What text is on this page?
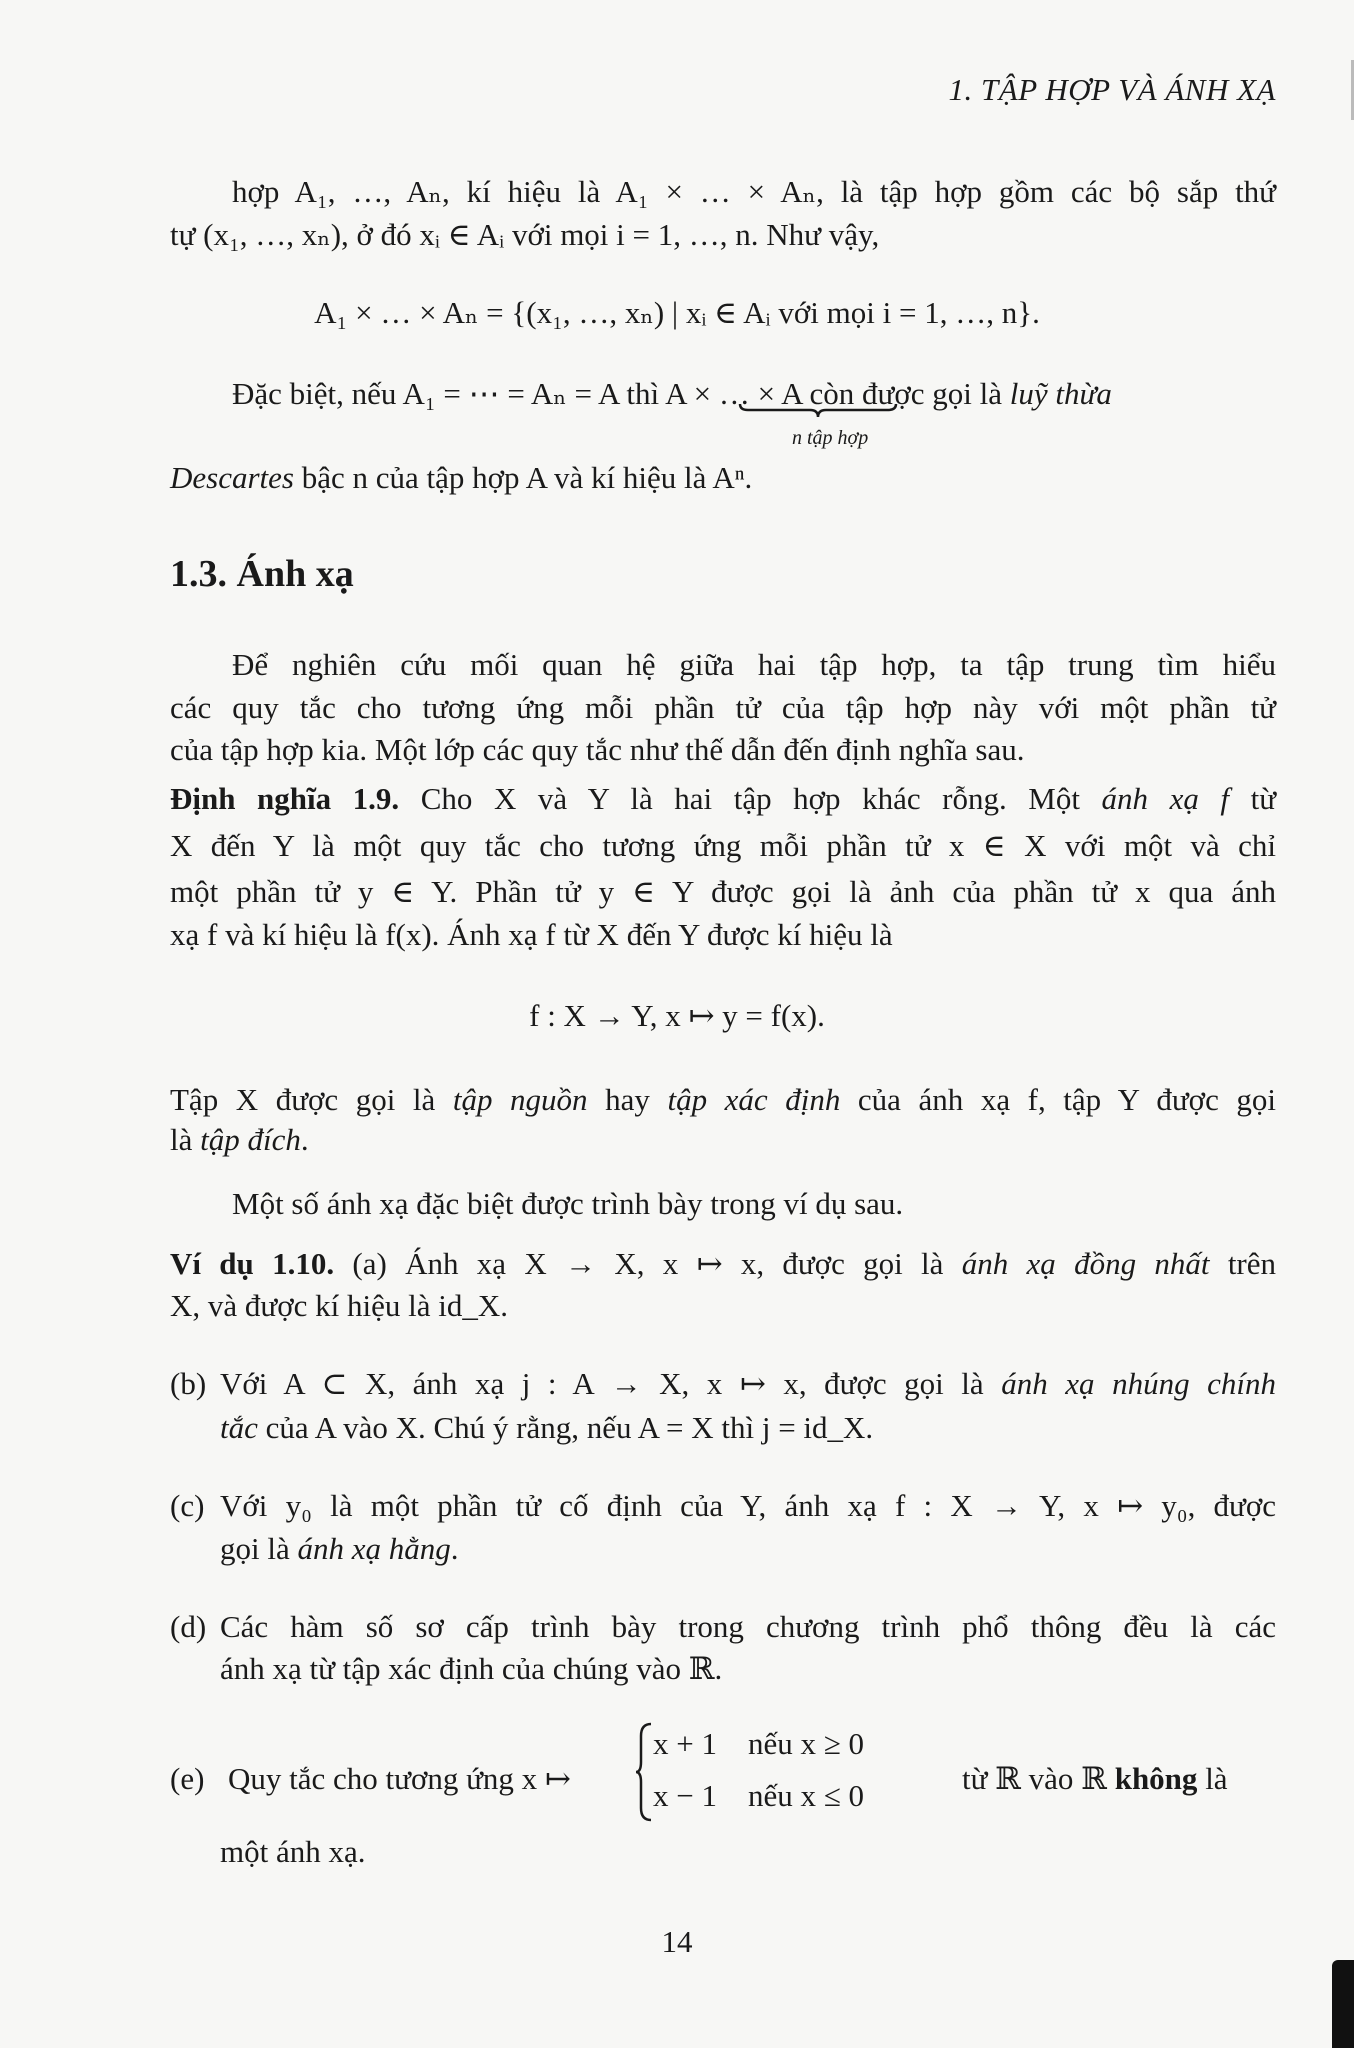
1. TẬP HỢP VÀ ÁNH XẠ
hợp A₁, …, Aₙ, kí hiệu là A₁ × … × Aₙ, là tập hợp gồm các bộ sắp thứ
tự (x₁, …, xₙ), ở đó xᵢ ∈ Aᵢ với mọi i = 1, …, n. Như vậy,
A₁ × … × Aₙ = {(x₁, …, xₙ) | xᵢ ∈ Aᵢ với mọi i = 1, …, n}.
Đặc biệt, nếu A₁ = ⋯ = Aₙ = A thì A × … × A còn được gọi là luỹ thừa
n tập hợp
Descartes bậc n của tập hợp A và kí hiệu là Aⁿ.
1.3. Ánh xạ
Để nghiên cứu mối quan hệ giữa hai tập hợp, ta tập trung tìm hiểu
các quy tắc cho tương ứng mỗi phần tử của tập hợp này với một phần tử
của tập hợp kia. Một lớp các quy tắc như thế dẫn đến định nghĩa sau.
Định nghĩa 1.9. Cho X và Y là hai tập hợp khác rỗng. Một ánh xạ f từ
X đến Y là một quy tắc cho tương ứng mỗi phần tử x ∈ X với một và chỉ
một phần tử y ∈ Y. Phần tử y ∈ Y được gọi là ảnh của phần tử x qua ánh
xạ f và kí hiệu là f(x). Ánh xạ f từ X đến Y được kí hiệu là
f : X → Y, x ↦ y = f(x).
Tập X được gọi là tập nguồn hay tập xác định của ánh xạ f, tập Y được gọi
là tập đích.
Một số ánh xạ đặc biệt được trình bày trong ví dụ sau.
Ví dụ 1.10. (a) Ánh xạ X → X, x ↦ x, được gọi là ánh xạ đồng nhất trên
X, và được kí hiệu là id_X.
(b) Với A ⊂ X, ánh xạ j : A → X, x ↦ x, được gọi là ánh xạ nhúng chính
tắc của A vào X. Chú ý rằng, nếu A = X thì j = id_X.
(c) Với y₀ là một phần tử cố định của Y, ánh xạ f : X → Y, x ↦ y₀, được
gọi là ánh xạ hằng.
(d) Các hàm số sơ cấp trình bày trong chương trình phổ thông đều là các
ánh xạ từ tập xác định của chúng vào ℝ.
(e) Quy tắc cho tương ứng x ↦
x + 1    nếu x ≥ 0
x − 1    nếu x ≤ 0	từ ℝ vào ℝ không là
một ánh xạ.
14
